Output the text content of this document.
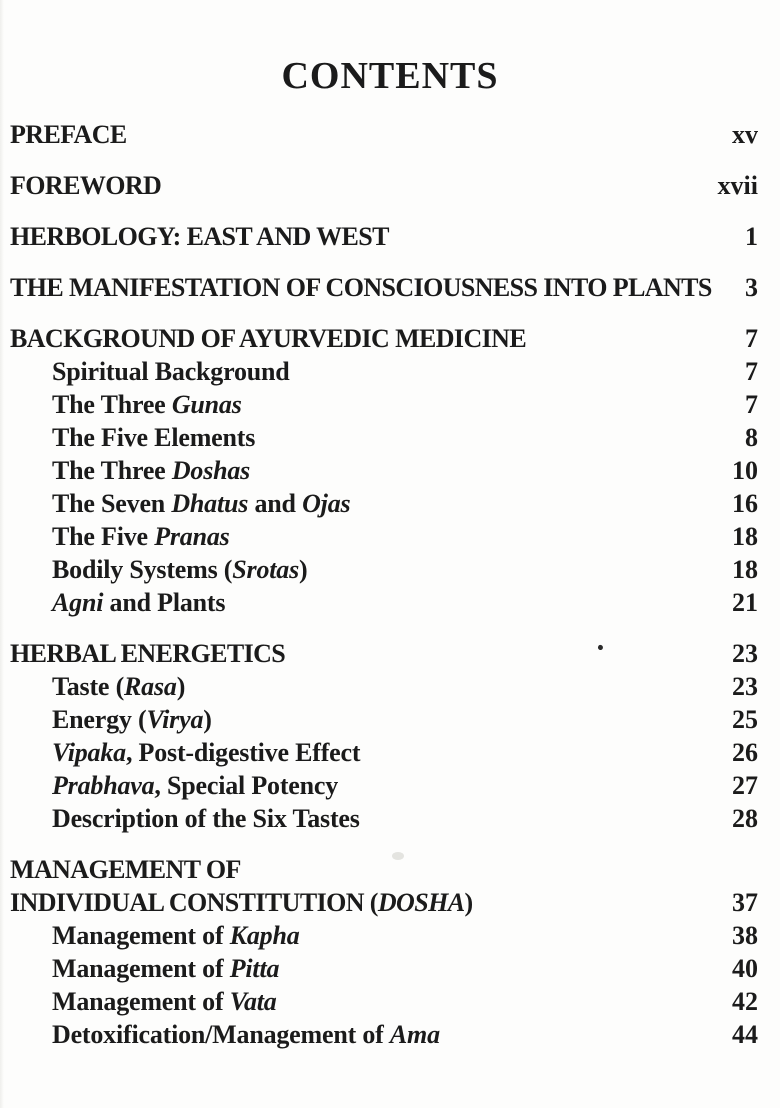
CONTENTS
PREFACE	xv
FOREWORD	xvii
HERBOLOGY: EAST AND WEST	1
THE MANIFESTATION OF CONSCIOUSNESS INTO PLANTS	3
BACKGROUND OF AYURVEDIC MEDICINE	7
Spiritual Background	7
The Three Gunas	7
The Five Elements	8
The Three Doshas	10
The Seven Dhatus and Ojas	16
The Five Pranas	18
Bodily Systems (Srotas)	18
Agni and Plants	21
HERBAL ENERGETICS	23
Taste (Rasa)	23
Energy (Virya)	25
Vipaka, Post-digestive Effect	26
Prabhava, Special Potency	27
Description of the Six Tastes	28
MANAGEMENT OF
INDIVIDUAL CONSTITUTION (DOSHA)	37
Management of Kapha	38
Management of Pitta	40
Management of Vata	42
Detoxification/Management of Ama	44
